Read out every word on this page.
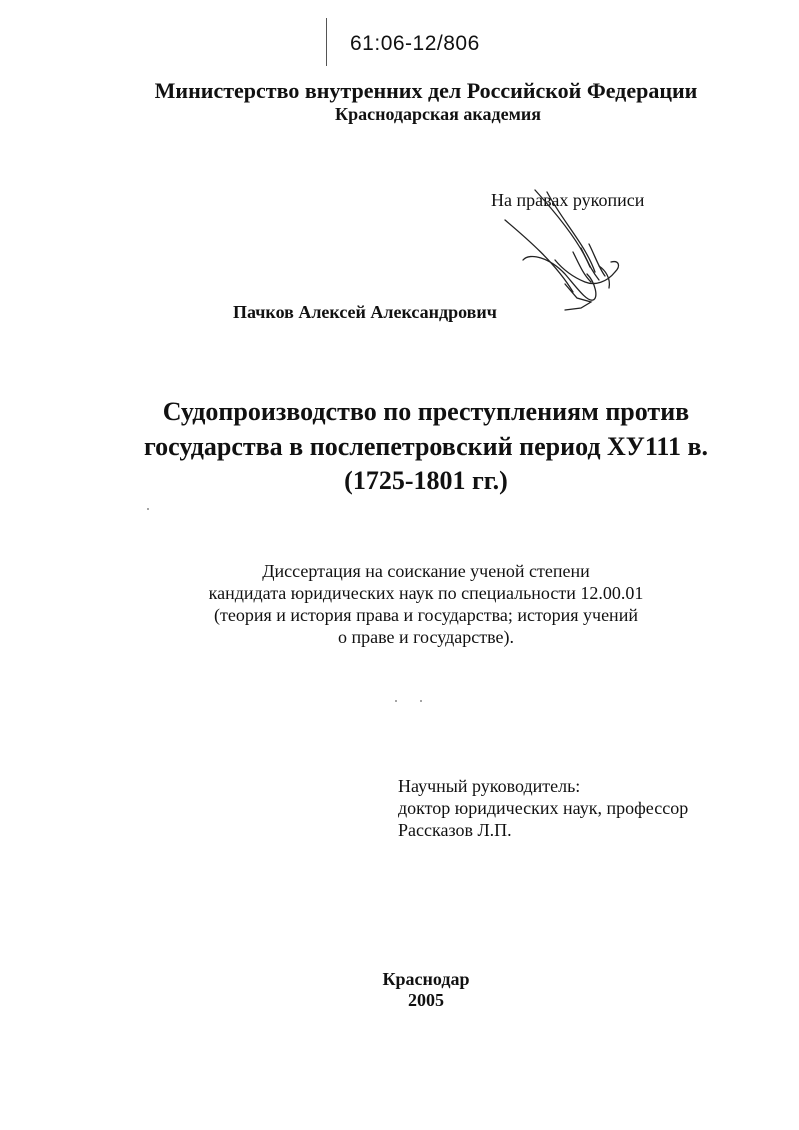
61:06-12/806
Министерство внутренних дел Российской Федерации
Краснодарская академия
На правах рукописи
Пачков Алексей Александрович
Судопроизводство по преступлениям против
государства в послепетровский период ХУ111 в.
(1725-1801 гг.)
Диссертация на соискание ученой степени
кандидата юридических наук по специальности 12.00.01
(теория и история права и государства; история учений
о праве и государстве).
Научный руководитель:
доктор юридических наук, профессор
Рассказов Л.П.
Краснодар
2005
